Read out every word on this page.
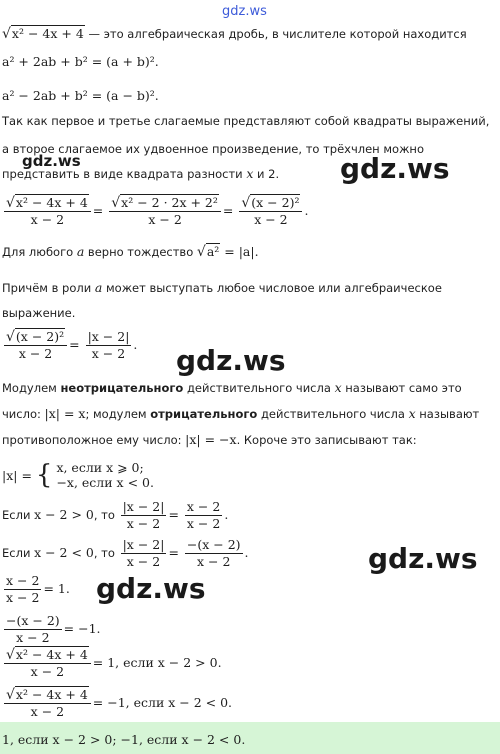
gdz.ws
√x² − 4x + 4 — это алгебраическая дробь, в числителе которой находится
a² + 2ab + b² = (a + b)².
a² − 2ab + b² = (a − b)².
Так как первое и третье слагаемые представляют собой квадраты выражений,
а второе слагаемое их удвоенное произведение, то трёхчлен можно
представить в виде квадрата разности x и 2.
$\frac{\text{√x² − 4x + 4}}{x - 2} = \frac{\text{√x² − 2 · 2x + 2²}}{x - 2} = \frac{\text{√(x − 2)²}}{x - 2}$ .
Для любого a верно тождество √a² = |a|.
Причём в роли a может выступать любое числовое или алгебраическое
выражение.
$\frac{\text{√(x − 2)²}}{x - 2} = \frac{|x - 2|}{x - 2}$ .
Модулем неотрицательного действительного числа x называют само это
число: |x| = x; модулем отрицательного действительного числа x называют
противоположное ему число: |x| = −x. Короче это записывают так:
|x| = { x, если x ⩾ 0;
−x, если x < 0.
Если x − 2 > 0, то $\frac{|x - 2|}{x - 2} = \frac{x - 2}{x - 2}$ .
Если x − 2 < 0, то $\frac{|x - 2|}{x - 2} = \frac{-(x - 2)}{x - 2}$ .
$\frac{x - 2}{x - 2} = 1$.
$\frac{-(x - 2)}{x - 2} = -1$.
$\frac{\text{√x² − 4x + 4}}{x - 2} = 1$, если x − 2 > 0.
$\frac{\text{√x² − 4x + 4}}{x - 2} = -1$, если x − 2 < 0.
1, если x − 2 > 0; −1, если x − 2 < 0.
gdz.ws	gdz.ws
gdz.ws
gdz.ws
gdz.ws
